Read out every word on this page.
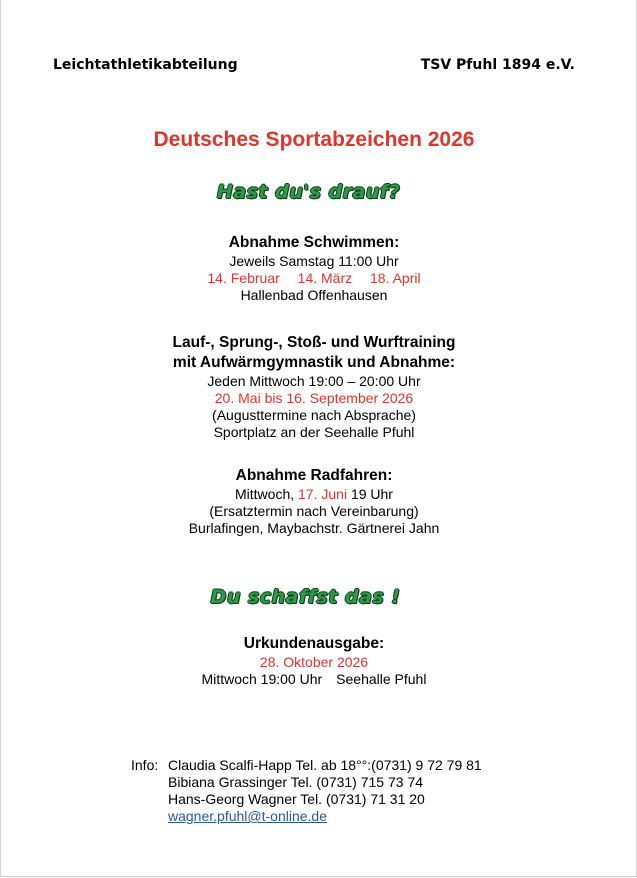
Leichtathletikabteilung	TSV Pfuhl 1894 e.V.
Deutsches Sportabzeichen 2026
Hast du's drauf?
Abnahme Schwimmen:
Jeweils Samstag 11:00 Uhr
14. Februar 14. März 18. April
Hallenbad Offenhausen
Lauf-, Sprung-, Stoß- und Wurftraining
mit Aufwärmgymnastik und Abnahme:
Jeden Mittwoch 19:00 – 20:00 Uhr
20. Mai bis 16. September 2026
(Augusttermine nach Absprache)
Sportplatz an der Seehalle Pfuhl
Abnahme Radfahren:
Mittwoch, 17. Juni 19 Uhr
(Ersatztermin nach Vereinbarung)
Burlafingen, Maybachstr. Gärtnerei Jahn
Du schaffst das !
Urkundenausgabe:
28. Oktober 2026
Mittwoch 19:00 Uhr Seehalle Pfuhl
Info: Claudia Scalfi-Happ Tel. ab 18°°:(0731) 9 72 79 81
Bibiana Grassinger Tel. (0731) 715 73 74
Hans-Georg Wagner Tel. (0731) 71 31 20
wagner.pfuhl@t-online.de
